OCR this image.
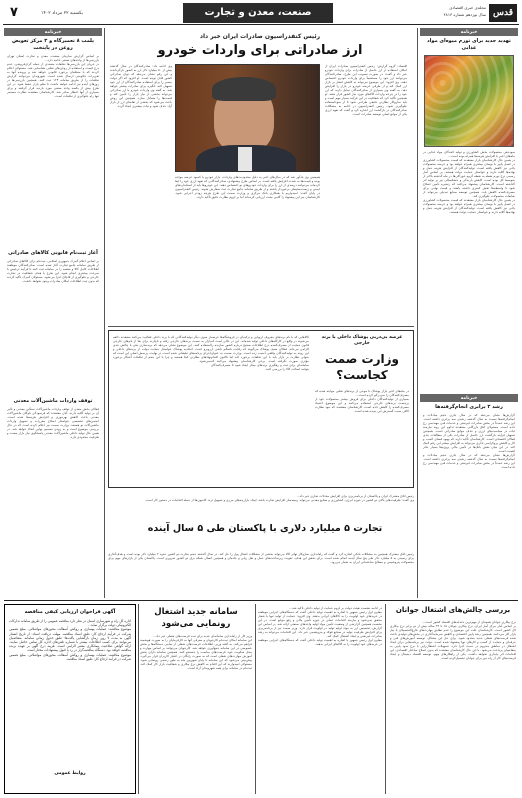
قدس
مجله‌ی خبری اقتصادی
سال نوزدهم شماره ۴۸۱۳
صنعت، معدن و تجارت
یکشنبه ۲۲ مرداد ۱۴۰۲
۷
خبرنامه
تهدید جدید برای تورم میوه‌ای مواد غذایی
سوددهی محصولات بخش کشاورزی و تولید کنندگان مواد غذایی در ماه‌های اخیر با افزایش هزینه‌ها همراه بوده است...
در همین حال کارشناسان بازار معتقدند که قیمت محصولات کشاورزی در فصل پاییز با نوسان بیشتری همراه خواهد بود و عرضه محصولات باغی نیز کاهش یافته است. تولیدکنندگان از افزایش هزینه حمل و نهاده‌ها گلایه دارند و خواستار حمایت دولت هستند. بر اساس آمار رسمی نرخ تورم نقطه به نقطه گروه خوراکی‌ها در ماه گذشته بالاتر از متوسط کل بوده است. کاهش بارندگی و خشکسالی نیز بر تولید اثر گذاشته است. کارشناسان پیشنهاد می‌کنند که زنجیره تأمین اصلاح شود تا واسطه‌ها نقش کمتری داشته باشند و قیمت نهایی برای مصرف‌کننده کاهش یابد. همچنین توسعه صنایع تبدیلی می‌تواند از ضایعات محصولات جلوگیری کند.
در همین حال کارشناسان بازار معتقدند که قیمت محصولات کشاورزی در فصل پاییز با نوسان بیشتری همراه خواهد بود و عرضه محصولات باغی نیز کاهش یافته است. تولیدکنندگان از افزایش هزینه حمل و نهاده‌ها گلایه دارند و خواستار حمایت دولت هستند.
خبرنامه
رشد ۳ برابری انجام‌گرفته‌ها
گزارش‌ها نشان می‌دهد که در سال جاری حجم مبادلات و انجام‌گرفته‌ها نسبت به سال گذشته رشدی سه برابری داشته است. این رشد عمدتاً در بخش صادرات غیرنفتی و خدمات فنی مهندسی رخ داده است. مسئولان اتاق بازرگانی معتقدند تداوم این روند نیازمند ثبات در سیاست‌های ارزی و حذف موانع صادراتی است. همچنین تسهیل فرآیند بازگشت ارز حاصل از صادرات یکی از مطالبات جدی فعالان اقتصادی است. کارشناسان تأکید دارند که بهبود فضای کسب و کار و کاهش بروکراسی اداری می‌تواند به افزایش بیشتر این رقم کمک کند. در این میان نقش بانک‌ها در تأمین مالی پروژه‌ها بسیار حائز اهمیت است.
گزارش‌ها نشان می‌دهد که در سال جاری حجم مبادلات و انجام‌گرفته‌ها نسبت به سال گذشته رشدی سه برابری داشته است. این رشد عمدتاً در بخش صادرات غیرنفتی و خدمات فنی مهندسی رخ داده است.
خبرنامه
پلمب ۸ تعمیرگاه و ۳ مرکز تعویض روغن در پایتخت
بر اساس گزارش سازمان صنعت، معدن و تجارت استان تهران بازرسی‌ها از واحدهای صنفی ادامه دارد...
در جریان این بازرسی‌ها تخلفات متعددی از جمله گران‌فروشی، عدم درج قیمت و استفاده از روغن‌های تقلبی شناسایی شد. مسئولان اعلام کردند که با متخلفان برخورد قانونی خواهد شد و پرونده آنها به تعزیرات حکومتی ارسال شده است. شهروندان می‌توانند گزارش تخلفات را از طریق سامانه ۱۲۴ ثبت کنند. همچنین بازرسی‌ها در روزهای آینده نیز ادامه خواهد داشت تا نظم بازار حفظ شود. در این طرح بیش از یکصد واحد صنفی مورد بازدید قرار گرفتند و برای بسیاری از آنها اخطار صادر شد. کارشناسان معتقدند نظارت مستمر تنها راه جلوگیری از تخلفات است.
آغاز ثبت‌نام قانونی کالاهای صادراتی
بر اساس اعلام گمرک جمهوری اسلامی، ثبت‌نام برای کالاهای صادراتی از طریق سامانه جامع تجارت آغاز شده است. صادرکنندگان موظفند اطلاعات کامل کالا و مقصد را در سامانه ثبت کنند تا فرآیند ترخیص با سرعت بیشتری انجام شود. این طرح با هدف شفافیت در تجارت خارجی و جلوگیری از قاچاق اجرا می‌شود. مسئولان گمرک تأکید کردند که بدون ثبت اطلاعات امکان صادرات وجود نخواهد داشت.
توقف واردات ماشین‌آلات معدنی
فعالان بخش معدن از توقف واردات ماشین‌آلات سنگین معدنی و تأثیر آن بر تولید گلایه دارند. آنان معتقدند که فرسودگی ناوگان ماشین‌آلات معدنی باعث کاهش بهره‌وری و افزایش هزینه‌ها شده است. انجمن‌های تخصصی خواستار اصلاح مقررات و تسهیل واردات ماشین‌آلات نو هستند. وزارت صمت نیز اعلام کرده است که در حال بررسی موضوع است و به زودی تصمیم نهایی اتخاذ خواهد شد. در همین حال تولید داخلی ماشین‌آلات معدنی پاسخگوی نیاز بازار نیست و ظرفیت محدودی دارد.
رئیس کنفدراسیون صادرات ایران خبر داد
ارز صادراتی برای واردات خودرو
اقتصاد: گروه گزارش: رئیس کنفدراسیون صادرات ایران از امکان استفاده از ارز حاصل از صادرات برای واردات خودرو خبر داد و گفت: در صورت تصویب این طرح، صادرکنندگان می‌توانند ارز خود را مستقیماً برای واردات خودرو اختصاص دهند. وی افزود: این موضوع می‌تواند به کاهش فشار بر بازار ارز کمک کند و از طرفی عرضه خودرو در بازار را افزایش دهد. به گفته وی بسیاری از صادرکنندگان تمایل دارند که ارز خود را در چرخه واردات کالاهای مورد نیاز کشور قرار دهند. او همچنین تأکید کرد که شفافیت در این فرآیند بسیار مهم است و باید سازوکار نظارتی دقیقی طراحی شود تا از سوءاستفاده جلوگیری شود. رئیس کنفدراسیون در ادامه به مشکلات صادرکنندگان در بازگشت ارز اشاره کرد و گفت که تعهد ارزی یکی از موانع اصلی توسعه صادرات است.
وی ادامه داد: صادرکنندگان در سال گذشته بیش از ۵۰ میلیارد دلار ارز به کشور بازگرداندند و این رقم نشان می‌دهد که توان صادراتی کشور قابل توجه است. او افزود که اگر دولت مسیر را برای استفاده صادرکنندگان از ارز خود تسهیل کند، انگیزه برای صادرات بیشتر خواهد شد. به گفته وی واردات خودرو با ارز صادراتی می‌تواند بخشی از نیاز بازار را تأمین کند و قیمت‌ها را متعادل سازد. همچنین این روش باعث می‌شود که بخشی از تقاضای ارز از بازار آزاد حذف شود و ثبات بیشتری ایجاد گردد.
همچنین وی یادآور شد که در سال‌های اخیر به دلیل محدودیت‌های واردات، بازار خودرو با کمبود عرضه مواجه بوده و قیمت‌ها به شدت افزایش یافته است. بر اساس طرح پیشنهادی، صادرکنندگانی که تعهد ارزی خود را ایفا کرده‌اند می‌توانند درصدی از ارز را برای واردات خودروهای نو اختصاص دهند. این خودروها باید از استانداردهای ایمنی و زیست‌محیطی برخوردار باشند و از طریق سامانه جامع تجارت ثبت سفارش شوند. رئیس کنفدراسیون در پایان گفت: امیدواریم با همکاری بانک مرکزی و وزارت صمت این طرح هرچه زودتر اجرایی شود. کارشناسان نیز این پیشنهاد را گامی مثبت ارزیابی کرده‌اند اما بر لزوم نظارت دقیق تأکید دارند.
عرضه بی‌در‌بی پوشاک داخلی با برند خارجی
وزارت صمت کجاست؟
در ماه‌های اخیر بازار پوشاک با موجی از برندهای تقلبی مواجه شده که مصرف‌کنندگان را سردرگم کرده است...
بسیاری از تولیدکنندگان داخلی برای فروش بیشتر محصولات خود از برچسب برندهای خارجی استفاده می‌کنند و این موضوع اعتماد مصرف‌کننده را کاهش داده است. کارشناسان معتقدند که نبود نظارت کافی سبب گسترش این پدیده شده است.
کالاهایی که با نام برندهای معروف اروپایی و ترکیه‌ای در فروشگاه‌ها عرضه می‌شوند در واقع در کارگاه‌های داخلی تولید شده‌اند. این در حالی است که قانون حمایت از مصرف‌کننده درج اطلاعات صحیح درباره کشور سازنده را الزامی می‌داند. فعالان صنف پوشاک می‌گویند که رقابت ناسالم ناشی از این روند به تولیدکنندگان واقعی آسیب زده است. وزارت صمت به عنوان متولی نظارت بر بازار باید با این تخلفات برخورد کند اما تاکنون اقدام مؤثری صورت نگرفته است. برخی کارشناسان پیشنهاد می‌کنند که سامانه‌ای برای ثبت و رهگیری برندهای مجاز ایجاد شود تا مصرف‌کنندگان بتوانند اصالت کالا را بررسی کنند.
از سوی دیگر تولیدکنندگانی که با برند داخلی فعالیت می‌کنند معتقدند ذائقه بازار به سمت برندهای خارجی رفته و ناچارند برای بقا از نام‌های خارجی استفاده کنند. این موضوع نشان می‌دهد که برندسازی ملی با چالش جدی روبرو است. اتحادیه پوشاک خواستار حمایت دولت از برندهای داخلی و اجرای برنامه‌های تبلیغاتی شده است. در نهایت، پرسش اصلی این است که نهادهای نظارتی کجا هستند و چرا با این حجم از تخلفات آشکار برخورد نمی‌شود.
تجارت ۵ میلیارد دلاری با پاکستان طی ۵ سال آینده
رئیس اتاق مشترک ایران و پاکستان از برنامه‌ریزی برای افزایش مبادلات تجاری خبر داد...
وی گفت: ظرفیت‌های بالای دو کشور در حوزه انرژی، کشاورزی و صنایع معدنی می‌تواند زمینه‌ساز افزایش تجارت باشد. ایجاد بازارچه‌های مرزی و تسهیل تردد کامیون‌ها از جمله اقدامات در دستور کار است.
رئیس اتاق مشترک همچنین به مشکلات بانکی اشاره کرد و گفت که راه‌اندازی سازوکار تهاتر کالا می‌تواند بخشی از مشکلات انتقال پول را حل کند. در سال گذشته حجم تجارت دو کشور حدود ۲ میلیارد دلار بوده است و هدف‌گذاری برای رسیدن به ۵ میلیارد دلار طی پنج سال آینده انجام شده است. برای تحقق این هدف، تقویت زیرساخت‌های حمل و نقل ریلی و جاده‌ای و همچنین اتصال شبکه برق دو کشور ضروری است. پاکستان یکی از بازارهای مهم برای محصولات پتروشیمی و مصالح ساختمانی ایران به شمار می‌رود.
بررسی چالش‌های اشتغال جوانان
نرخ بیکاری جوانان همچنان از مهم‌ترین دغدغه‌های اقتصاد کشور است...
بر اساس آمار مرکز آمار ایران، نرخ بیکاری جوانان ۱۵ تا ۲۴ ساله بیش از دو برابر نرخ بیکاری کل کشور است. کارشناسان علت این موضوع را عدم تطابق مهارت‌های فارغ‌التحصیلان با نیاز بازار کار می‌دانند. همچنین رشد پایین اقتصادی و کاهش سرمایه‌گذاری در بخش‌های تولیدی باعث شده فرصت‌های شغلی جدید محدود شود. برای حل این مشکل، توسعه آموزش‌های فنی و حرفه‌ای و حمایت از کسب و کارهای نوپا پیشنهاد شده است. دولت نیز برنامه‌هایی برای ایجاد اشتغال در مناطق محروم در دست اجرا دارد. تسهیلات اشتغال‌زایی با نرخ سود پایین به متقاضیان پرداخت می‌شود. با این حال کارشناسان معتقدند که بدون اصلاح ساختار اقتصادی، این اقدامات اثر پایداری نخواهد داشت. یکی از راهکارهای مهم، توسعه اقتصاد دیجیتال و ایجاد فرصت‌های کار از راه دور برای جوانان تحصیل‌کرده است.
در ادامه نشست هیئت دولت بر لزوم حمایت از تولید داخلی تأکید شد...
معاون اول رئیس جمهور با اشاره به اهمیت تولید داخلی گفت که دستگاه‌های اجرایی موظفند در خریدهای خود اولویت را به کالاهای ایرانی بدهند. وی افزود: حمایت از تولید تنها با شعار محقق نمی‌شود و نیازمند اقدامات عملی در حوزه تأمین مالی و رفع موانع است. در این نشست همچنین گزارشی از وضعیت تأمین مواد اولیه واحدهای صنعتی ارائه شد. بر اساس این گزارش، تخصیص ارز به مواد اولیه تولید در اولویت قرار دارد. وزیر صمت نیز از برنامه‌ریزی برای افزایش ظرفیت تولید در صنایع فولاد و پتروشیمی خبر داد. این اقدامات می‌تواند به رشد صادرات غیرنفتی و ایجاد اشتغال کمک کند.
معاون اول رئیس جمهور با اشاره به اهمیت تولید داخلی گفت که دستگاه‌های اجرایی موظفند در خریدهای خود اولویت را به کالاهای ایرانی بدهند.
سامانه جدید اشتغال رونمایی می‌شود
وزیر کار از راه‌اندازی سامانه‌ای جدید برای ثبت فرصت‌های شغلی خبر داد...
این سامانه امکان ثبت‌نام کارجویان و معرفی آنها به کارفرمایان را به صورت هوشمند فراهم می‌کند. به گفته وزیر، اطلاعات فرصت‌های شغلی از تمامی دستگاه‌ها و بخش خصوصی در این سامانه جمع‌آوری خواهد شد. کارجویان می‌توانند بر اساس مهارت و محل سکونت خود، فرصت‌های مناسب را جستجو کنند. همچنین سامانه دارای بخش آموزش مهارت‌های شغلی است که به صورت رایگان در اختیار کاربران قرار می‌گیرد. پیش‌بینی می‌شود که این سامانه تا پایان شهریور ماه به طور رسمی رونمایی شود. مسئولان امیدوارند که این اقدام به کاهش نرخ بیکاری و شفافیت بازار کار کمک کند. ثبت‌نام در سامانه برای همه شهروندان آزاد است.
آگهی فراخوان ارزیابی کیفی مناقصه
اداره کل راه و شهرسازی استان در نظر دارد مناقصه عمومی را از طریق سامانه تدارکات الکترونیکی دولت برگزار نماید...
موضوع مناقصه: عملیات بهسازی و روکش آسفالت محورهای مواصلاتی. مبلغ تضمین شرکت در فرآیند ارجاع کار: طبق اسناد مناقصه. مهلت دریافت اسناد: از تاریخ انتشار آگهی به مدت ۷ روز. زمان بازگشایی پاکت‌ها: طبق جدول زمانی سامانه. متقاضیان می‌توانند برای کسب اطلاعات بیشتر با شماره تلفن‌های اداره کل تماس حاصل نمایند. ارائه گواهی صلاحیت پیمانکاری معتبر الزامی است. هزینه درج آگهی بر عهده برنده مناقصه خواهد بود. دستگاه مناقصه‌گزار در رد یا قبول پیشنهادات مختار است.
موضوع مناقصه: عملیات بهسازی و روکش آسفالت محورهای مواصلاتی. مبلغ تضمین شرکت در فرآیند ارجاع کار: طبق اسناد مناقصه.
روابط عمومی
